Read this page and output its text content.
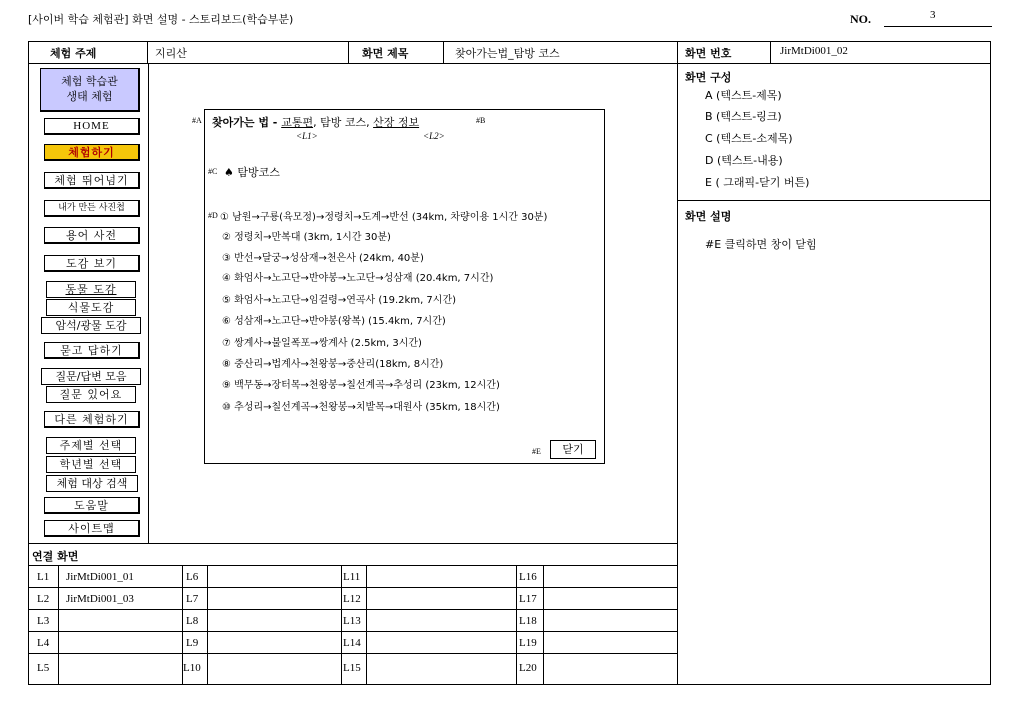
[사이버 학습 체험관] 화면 설명 - 스토리보드(학습부분)	NO.	3
체험 주제	지리산	화면 제목	찾아가는법_탐방 코스	화면 번호	JirMtDi001_02
체험 학습관 생태 체험
HOME
체험하기
체험 뛰어넘기
내가 만든 사진첩
용어 사전
도감 보기
동물 도감
식물도감
암석/광물 도감
묻고 답하기
질문/답변 모음
질문 있어요
다른 체험하기
주제별 선택
학년별 선택
체험 대상 검색
도움말
사이트맵
#A 찾아가는 법 - 교통편, 탐방 코스, 산장 정보	#B
<L1>	<L2>
#C ♠ 탐방코스
#D ① 남원→구룡(육모정)→정령치→도계→반선 (34km, 차량이용 1시간 30분)
② 정령치→만복대 (3km, 1시간 30분)
③ 반선→달궁→성삼재→천은사 (24km, 40분)
④ 화엄사→노고단→반야봉→노고단→성삼재 (20.4km, 7시간)
⑤ 화엄사→노고단→임걸령→연곡사 (19.2km, 7시간)
⑥ 성삼재→노고단→반야봉(왕복) (15.4km, 7시간)
⑦ 쌍계사→불일폭포→쌍계사 (2.5km, 3시간)
⑧ 중산리→법계사→천왕봉→중산리(18km, 8시간)
⑨ 백무동→장터목→천왕봉→칠선계곡→추성리 (23km, 12시간)
⑩ 추성리→칠선계곡→천왕봉→치밭목→대원사 (35km, 18시간)
#E	닫기
화면 구성
A (텍스트-제목)
B (텍스트-링크)
C (텍스트-소제목)
D (텍스트-내용)
E ( 그래픽-닫기 버튼)
화면 설명
#E 클릭하면 창이 닫힘
연결 화면
L1 JirMtDi001_01	L6	L11	L16
L2 JirMtDi001_03	L7	L12	L17
L3	L8	L13	L18
L4	L9	L14	L19
L5	L10	L15	L20
